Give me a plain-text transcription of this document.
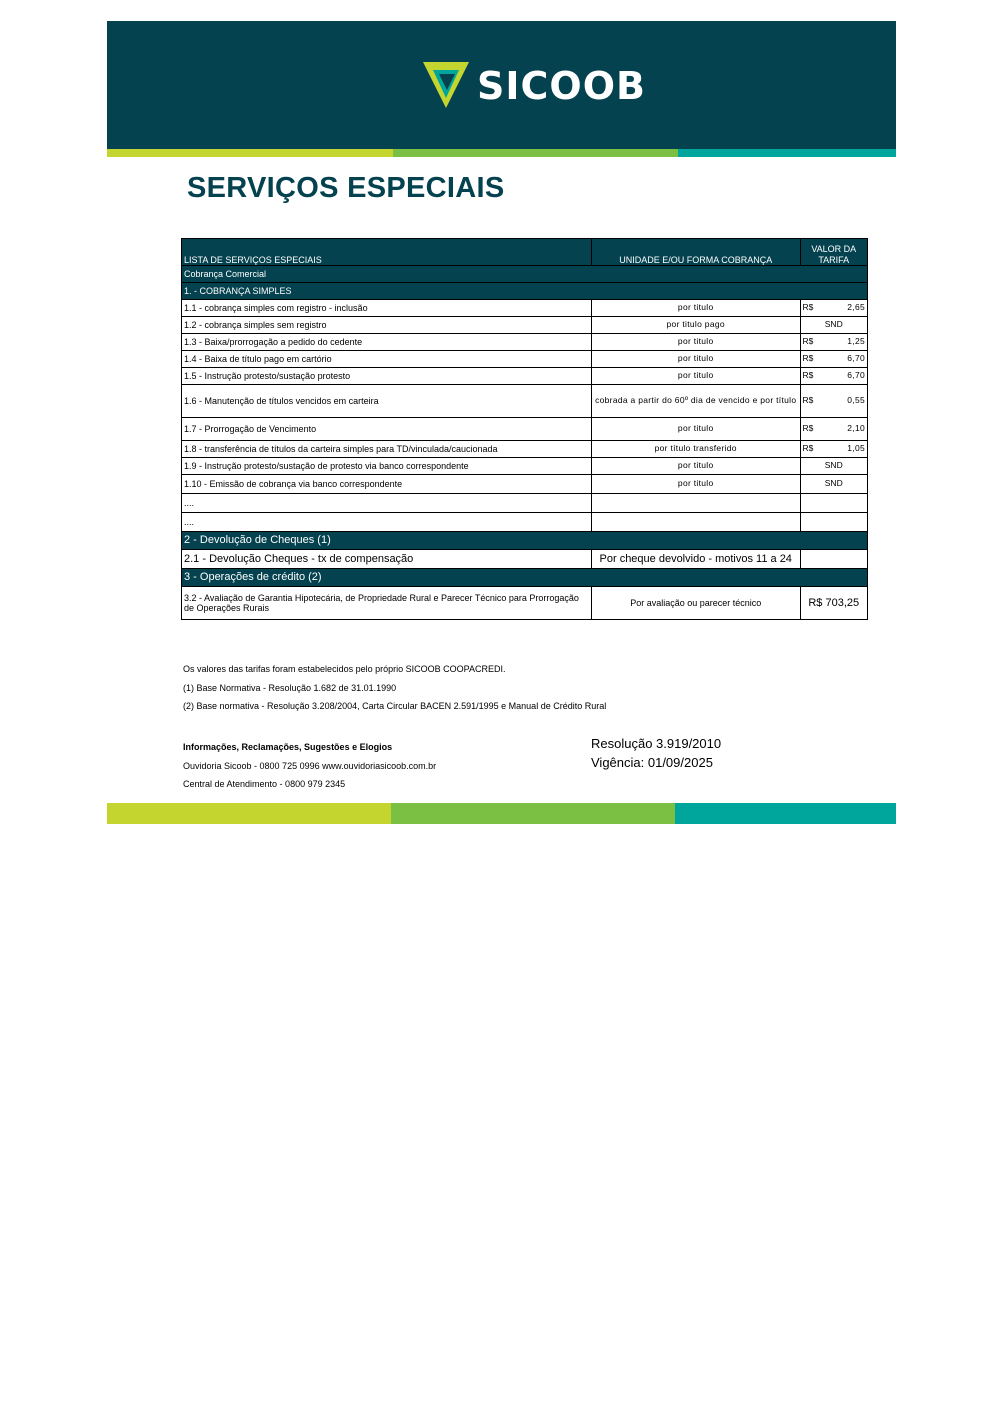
SICOOB
SERVIÇOS ESPECIAIS
LISTA DE SERVIÇOS ESPECIAIS	UNIDADE E/OU FORMA COBRANÇA	VALOR DA TARIFA
Cobrança Comercial		
1. - COBRANÇA SIMPLES		
1.1 - cobrança simples com registro - inclusão	por titulo	R$ 2,65

1.2 - cobrança simples sem registro	por titulo pago	SND
1.3 - Baixa/prorrogação a pedido do cedente	por titulo	R$ 1,25

1.4 - Baixa de título pago em cartório	por titulo	R$ 6,70

1.5 - Instrução protesto/sustação protesto	por titulo	R$ 6,70

1.6 - Manutenção de títulos vencidos em carteira	cobrada a partir do 60º dia de vencido e por título	R$ 0,55

1.7 - Prorrogação de Vencimento	por titulo	R$ 2,10

1.8 - transferência de títulos da carteira simples para TD/vinculada/caucionada	por título transferido	R$ 1,05

1.9 - Instrução protesto/sustação de protesto via banco correspondente	por titulo	SND
1.10 - Emissão de cobrança via banco correspondente	por titulo	SND
....		
....		
2 - Devolução de Cheques (1)		
2.1 - Devolução Cheques - tx de compensação	Por cheque devolvido - motivos 11 a 24	
3 - Operações de crédito (2)		
3.2 - Avaliação de Garantia Hipotecária, de Propriedade Rural e Parecer Técnico para Prorrogação de Operações Rurais	Por avaliação ou parecer técnico	R$ 703,25
Os valores das tarifas foram estabelecidos pelo próprio SICOOB COOPACREDI.
(1) Base Normativa - Resolução 1.682 de 31.01.1990
(2) Base normativa - Resolução 3.208/2004, Carta Circular BACEN 2.591/1995 e Manual de Crédito Rural
Informações, Reclamações, Sugestões e Elogios
Ouvidoria Sicoob - 0800 725 0996 www.ouvidoriasicoob.com.br
Central de Atendimento - 0800 979 2345
Resolução 3.919/2010
Vigência: 01/09/2025
